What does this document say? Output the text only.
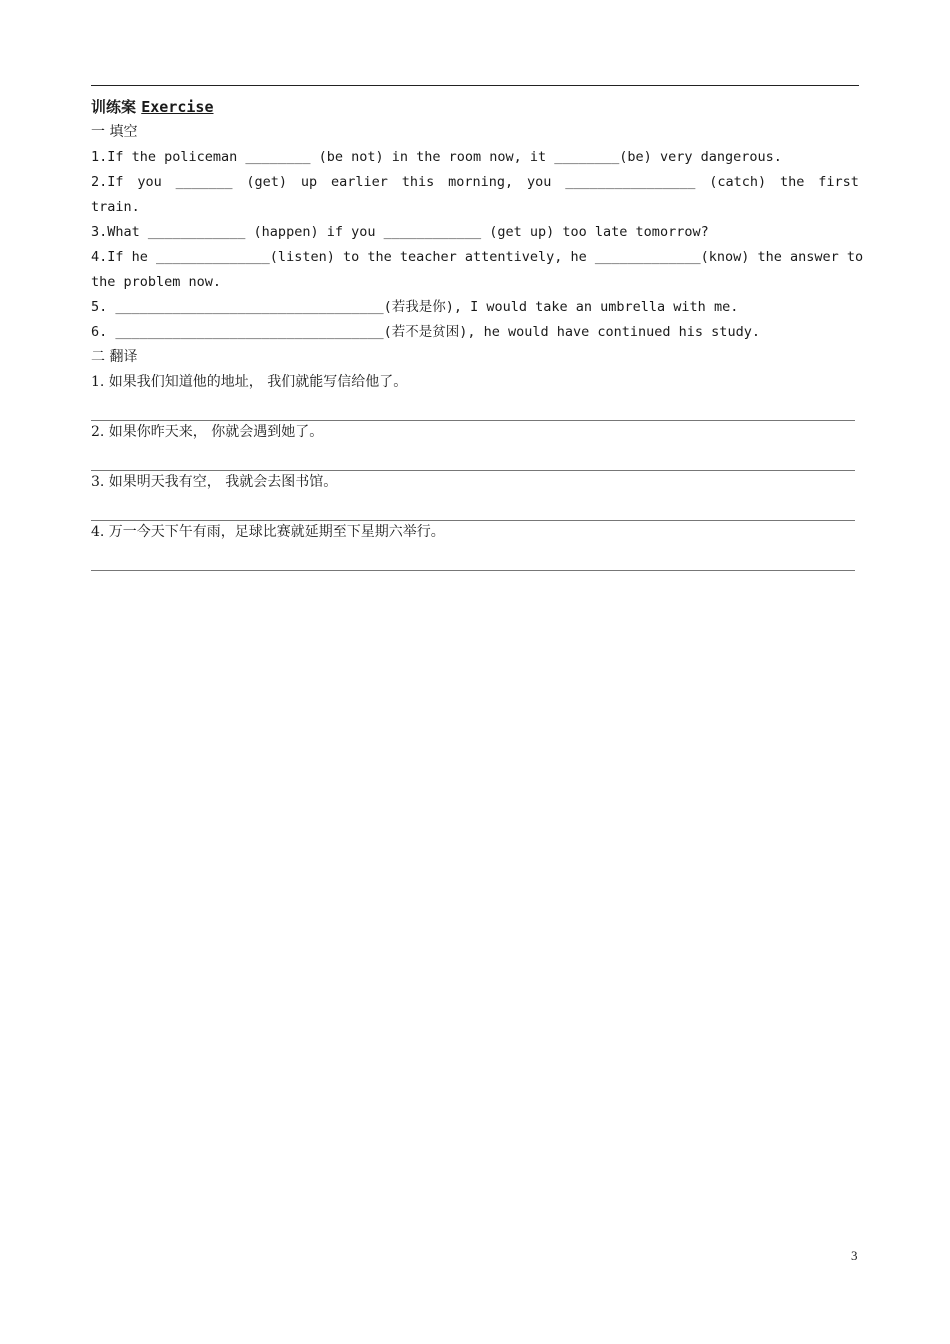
训练案 Exercise
一 填空
1.If the policeman ________ (be not) in the room now, it ________(be) very dangerous.
2.If you _______ (get) up earlier this morning, you ________________ (catch) the first
train.
3.What ____________ (happen) if you ____________ (get up) too late tomorrow?
4.If he ______________(listen) to the teacher attentively, he _____________(know) the answer to
the problem now.
5. _________________________________(若我是你), I would take an umbrella with me.
6. _________________________________(若不是贫困), he would have continued his study.
二 翻译
1. 如果我们知道他的地址， 我们就能写信给他了。
2. 如果你昨天来， 你就会遇到她了。
3. 如果明天我有空， 我就会去图书馆。
4. 万一今天下午有雨，足球比赛就延期至下星期六举行。
3
